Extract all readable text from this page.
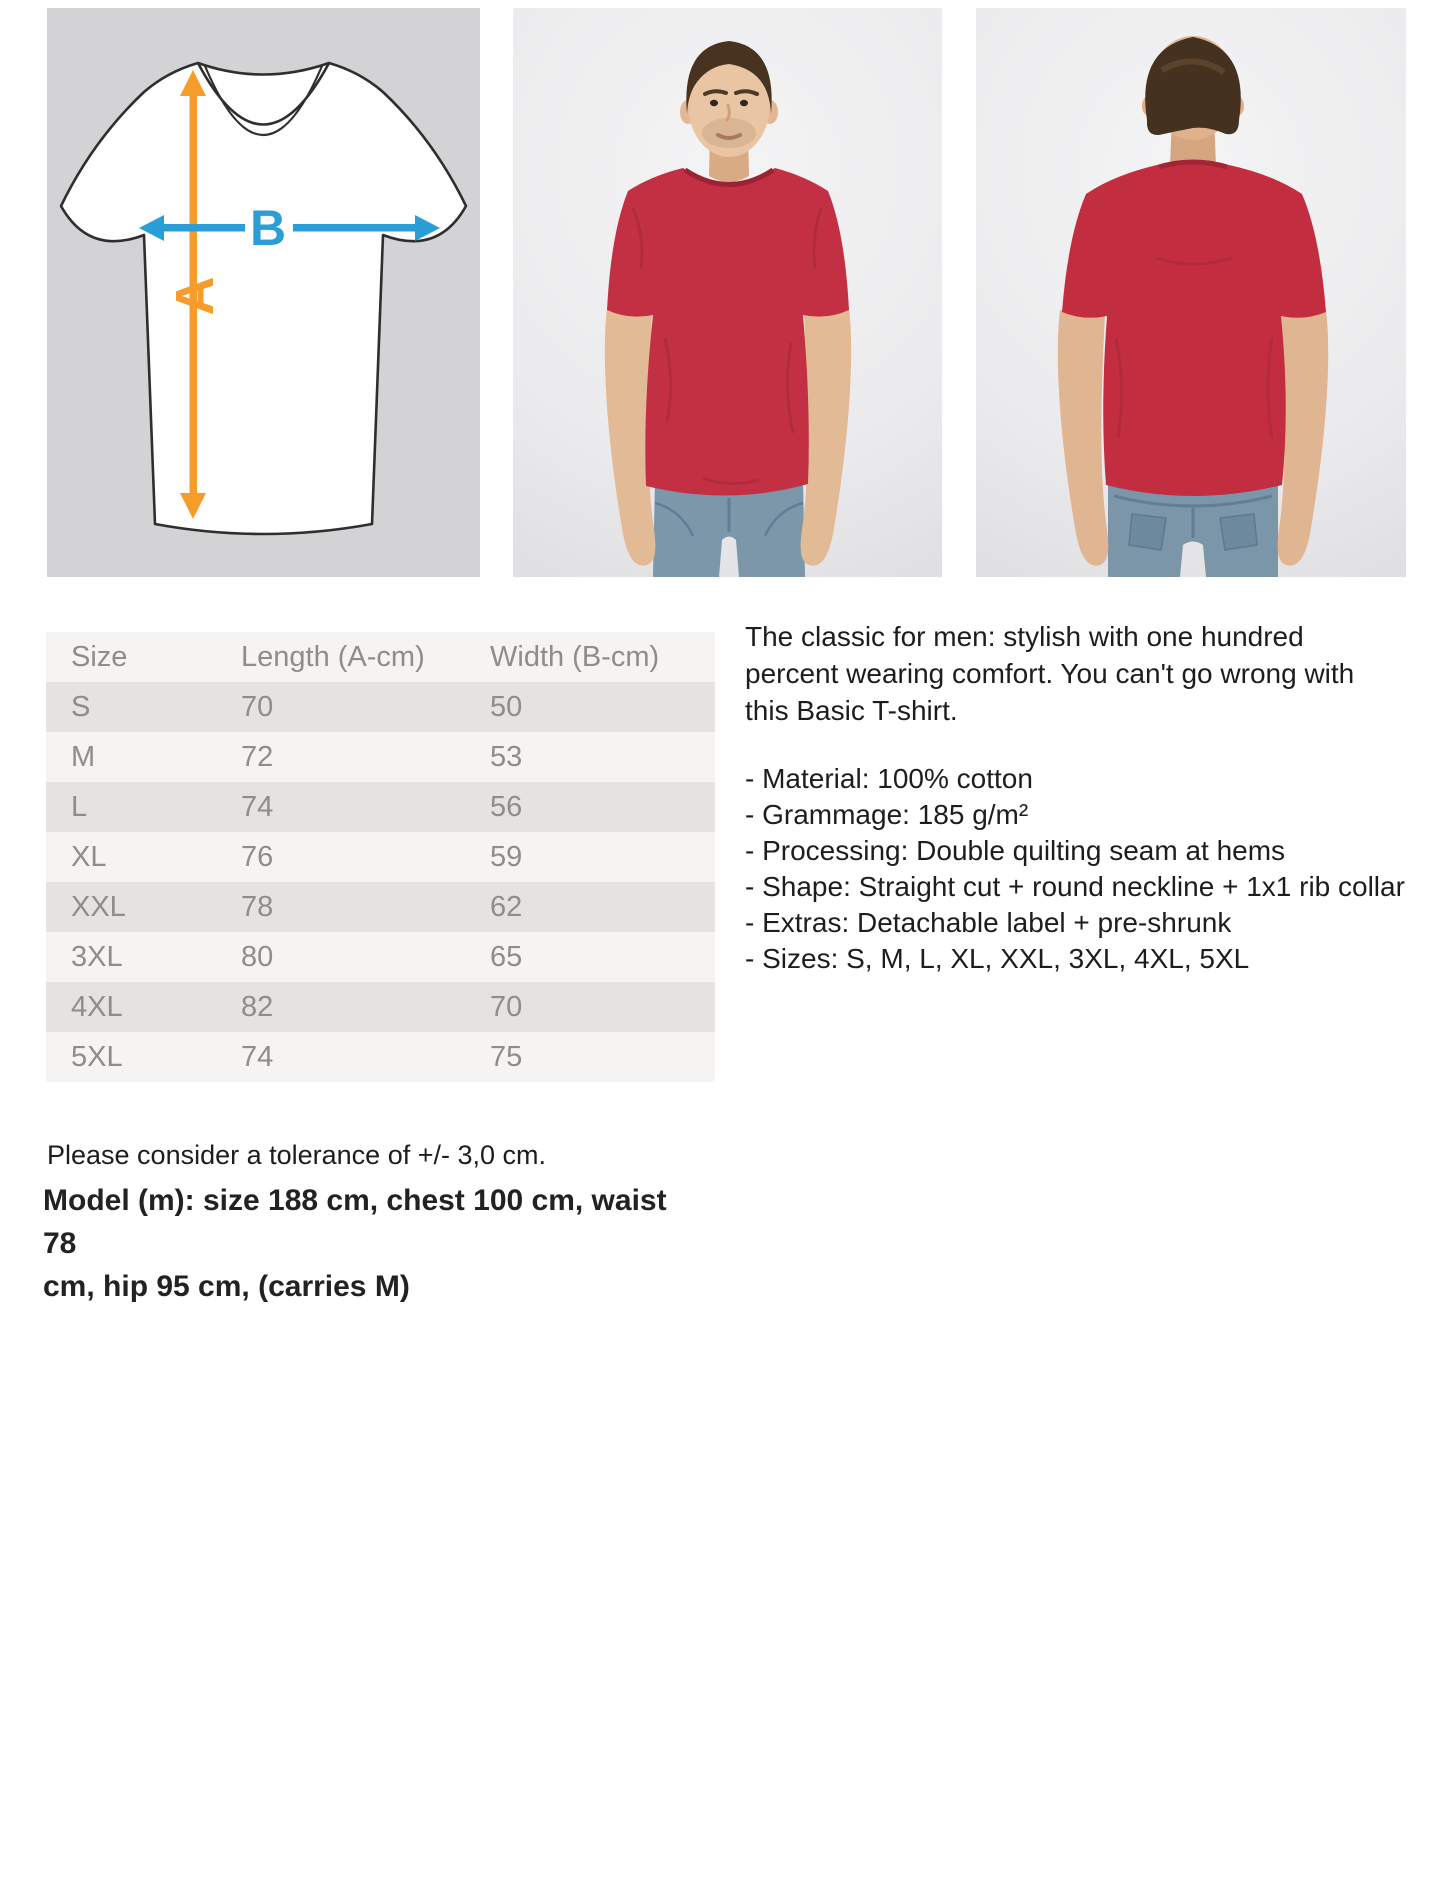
A
B
Size	Length (A-cm)	Width (B-cm)
S	70	50
M	72	53
L	74	56
XL	76	59
XXL	78	62
3XL	80	65
4XL	82	70
5XL	74	75
The classic for men: stylish with one hundred percent wearing comfort. You can't go wrong with this Basic T-shirt.
- Material: 100% cotton
- Grammage: 185 g/m²
- Processing: Double quilting seam at hems
- Shape: Straight cut + round neckline + 1x1 rib collar
- Extras: Detachable label + pre-shrunk
- Sizes: S, M, L, XL, XXL, 3XL, 4XL, 5XL
Please consider a tolerance of +/- 3,0 cm.
Model (m): size 188 cm, chest 100 cm, waist 78
cm, hip 95 cm, (carries M)
